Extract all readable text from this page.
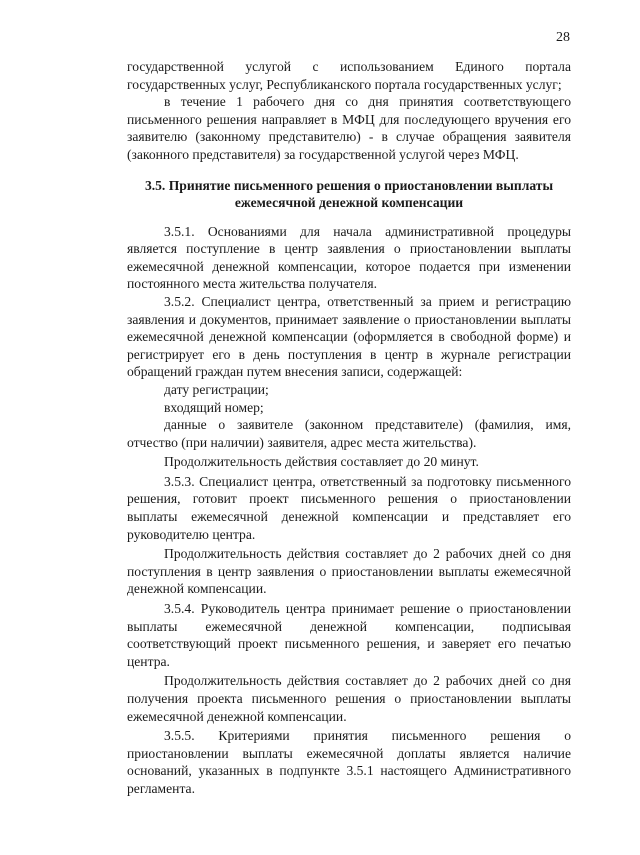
28

государственной услугой с использованием Единого портала государственных услуг, Республиканского портала государственных услуг;

в течение 1 рабочего дня со дня принятия соответствующего письменного решения направляет в МФЦ для последующего вручения его заявителю (законному представителю) - в случае обращения заявителя (законного представителя) за государственной услугой через МФЦ.

3.5. Принятие письменного решения о приостановлении выплаты ежемесячной денежной компенсации

3.5.1. Основаниями для начала административной процедуры является поступление в центр заявления о приостановлении выплаты ежемесячной денежной компенсации, которое подается при изменении постоянного места жительства получателя.

3.5.2. Специалист центра, ответственный за прием и регистрацию заявления и документов, принимает заявление о приостановлении выплаты ежемесячной денежной компенсации (оформляется в свободной форме) и регистрирует его в день поступления в центр в журнале регистрации обращений граждан путем внесения записи, содержащей:

дату регистрации;

входящий номер;

данные о заявителе (законном представителе) (фамилия, имя, отчество (при наличии) заявителя, адрес места жительства).

Продолжительность действия составляет до 20 минут.

3.5.3. Специалист центра, ответственный за подготовку письменного решения, готовит проект письменного решения о приостановлении выплаты ежемесячной денежной компенсации и представляет его руководителю центра.

Продолжительность действия составляет до 2 рабочих дней со дня поступления в центр заявления о приостановлении выплаты ежемесячной денежной компенсации.

3.5.4. Руководитель центра принимает решение о приостановлении выплаты ежемесячной денежной компенсации, подписывая соответствующий проект письменного решения, и заверяет его печатью центра.

Продолжительность действия составляет до 2 рабочих дней со дня получения проекта письменного решения о приостановлении выплаты ежемесячной денежной компенсации.

3.5.5. Критериями принятия письменного решения о приостановлении выплаты ежемесячной доплаты является наличие оснований, указанных в подпункте 3.5.1 настоящего Административного регламента.
